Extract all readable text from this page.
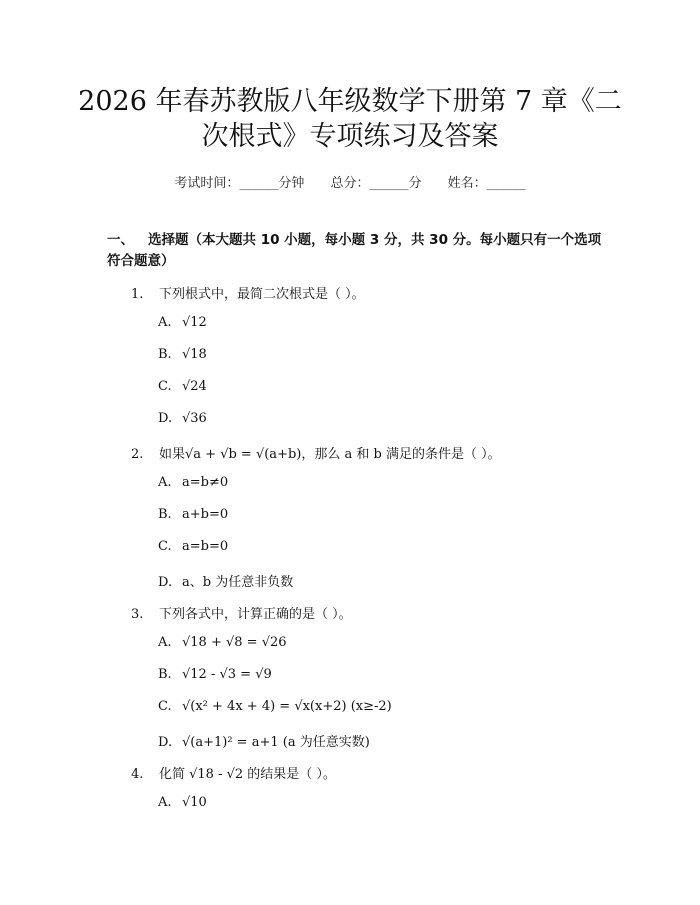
2026 年春苏教版八年级数学下册第 7 章《二
次根式》专项练习及答案
考试时间：______分钟 总分：______分 姓名：______
一、 选择题（本大题共 10 小题，每小题 3 分，共 30 分。每小题只有一个选项符合题意）
1. 下列根式中，最简二次根式是（ ）。
A. √12
B. √18
C. √24
D. √36
2. 如果√a + √b = √(a+b)，那么 a 和 b 满足的条件是（ ）。
A. a=b≠0
B. a+b=0
C. a=b=0
D. a、b 为任意非负数
3. 下列各式中，计算正确的是（ ）。
A. √18 + √8 = √26
B. √12 - √3 = √9
C. √(x² + 4x + 4) = √x(x+2) (x≥-2)
D. √(a+1)² = a+1 (a 为任意实数)
4. 化简 √18 - √2 的结果是（ ）。
A. √10
